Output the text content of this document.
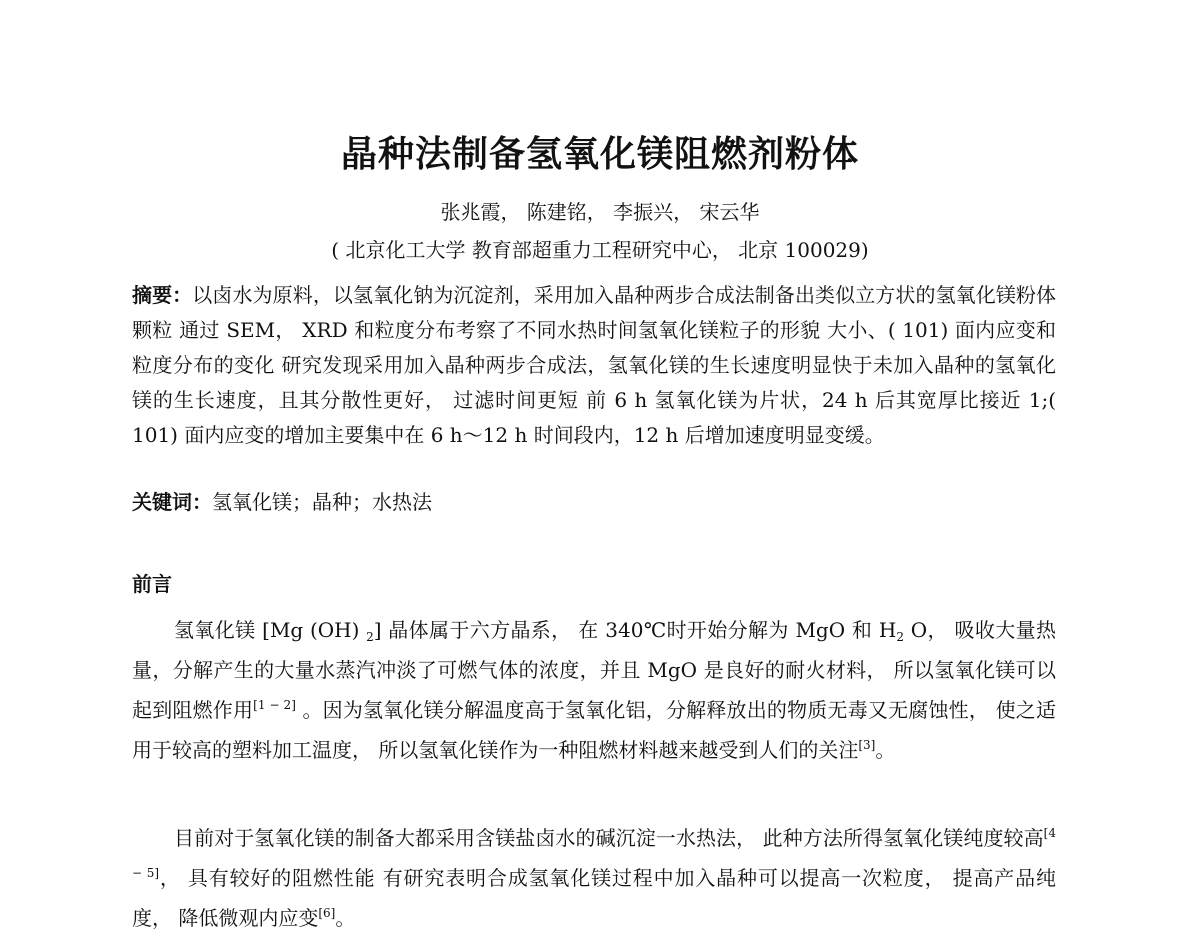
晶种法制备氢氧化镁阻燃剂粉体

张兆霞， 陈建铭， 李振兴， 宋云华

( 北京化工大学 教育部超重力工程研究中心， 北京 100029)

摘要：以卤水为原料，以氢氧化钠为沉淀剂，采用加入晶种两步合成法制备出类似立方状的氢氧化镁粉体颗粒 通过 SEM， XRD 和粒度分布考察了不同水热时间氢氧化镁粒子的形貌 大小、( 101) 面内应变和粒度分布的变化 研究发现采用加入晶种两步合成法，氢氧化镁的生长速度明显快于未加入晶种的氢氧化镁的生长速度，且其分散性更好， 过滤时间更短 前 6 h 氢氧化镁为片状，24 h 后其宽厚比接近 1;( 101) 面内应变的增加主要集中在 6 h～12 h 时间段内，12 h 后增加速度明显变缓。

关键词：氢氧化镁；晶种；水热法

前言

氢氧化镁 [Mg (OH) $_2$] 晶体属于六方晶系， 在 340℃时开始分解为 MgO 和 $H_2$ O， 吸收大量热量，分解产生的大量水蒸汽冲淡了可燃气体的浓度，并且 MgO 是良好的耐火材料， 所以氢氧化镁可以起到阻燃作用[1 − 2] 。因为氢氧化镁分解温度高于氢氧化铝，分解释放出的物质无毒又无腐蚀性， 使之适用于较高的塑料加工温度， 所以氢氧化镁作为一种阻燃材料越来越受到人们的关注[3]。

目前对于氢氧化镁的制备大都采用含镁盐卤水的碱沉淀一水热法， 此种方法所得氢氧化镁纯度较高[4 − 5]， 具有较好的阻燃性能 有研究表明合成氢氧化镁过程中加入晶种可以提高一次粒度， 提高产品纯度， 降低微观内应变[6]。
